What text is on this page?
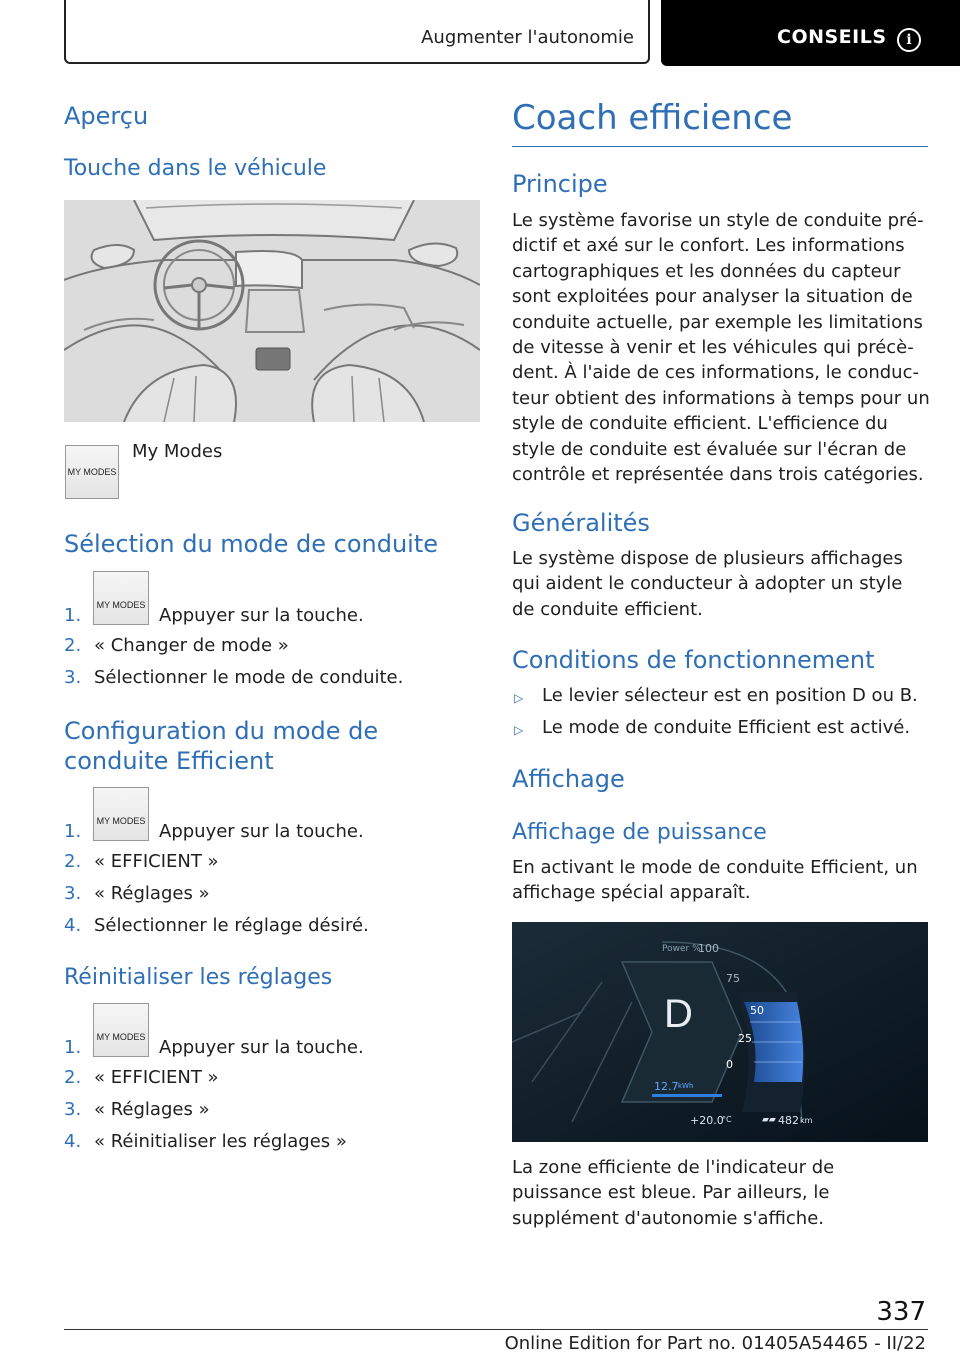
Augmenter l'autonomie	CONSEILS	i
Aperçu
Touche dans le véhicule
MY MODES
My Modes
Sélection du mode de conduite
1. MY MODES Appuyer sur la touche.
2. « Changer de mode »
3. Sélectionner le mode de conduite.
Configuration du mode de conduite Efficient
1. MY MODES Appuyer sur la touche.
2. « EFFICIENT »
3. « Réglages »
4. Sélectionner le réglage désiré.
Réinitialiser les réglages
1. MY MODES Appuyer sur la touche.
2. « EFFICIENT »
3. « Réglages »
4. « Réinitialiser les réglages »
Coach efficience
Principe
Le système favorise un style de conduite prédictif et axé sur le confort. Les informations cartographiques et les données du capteur sont exploitées pour analyser la situation de conduite actuelle, par exemple les limitations de vitesse à venir et les véhicules qui précèdent. À l'aide de ces informations, le conducteur obtient des informations à temps pour un style de conduite efficient. L'efficience du style de conduite est évaluée sur l'écran de contrôle et représentée dans trois catégories.
Généralités
Le système dispose de plusieurs affichages qui aident le conducteur à adopter un style de conduite efficient.
Conditions de fonctionnement
▷ Le levier sélecteur est en position D ou B.
▷ Le mode de conduite Efficient est activé.
Affichage
Affichage de puissance
En activant le mode de conduite Efficient, un affichage spécial apparaît.
Power %
100
75
50
25
0
D
12.7 kWh
+20.0
°C	▰▰ 482 km
La zone efficiente de l'indicateur de puissance est bleue. Par ailleurs, le supplément d'autonomie s'affiche.
337
Online Edition for Part no. 01405A54465 - II/22
